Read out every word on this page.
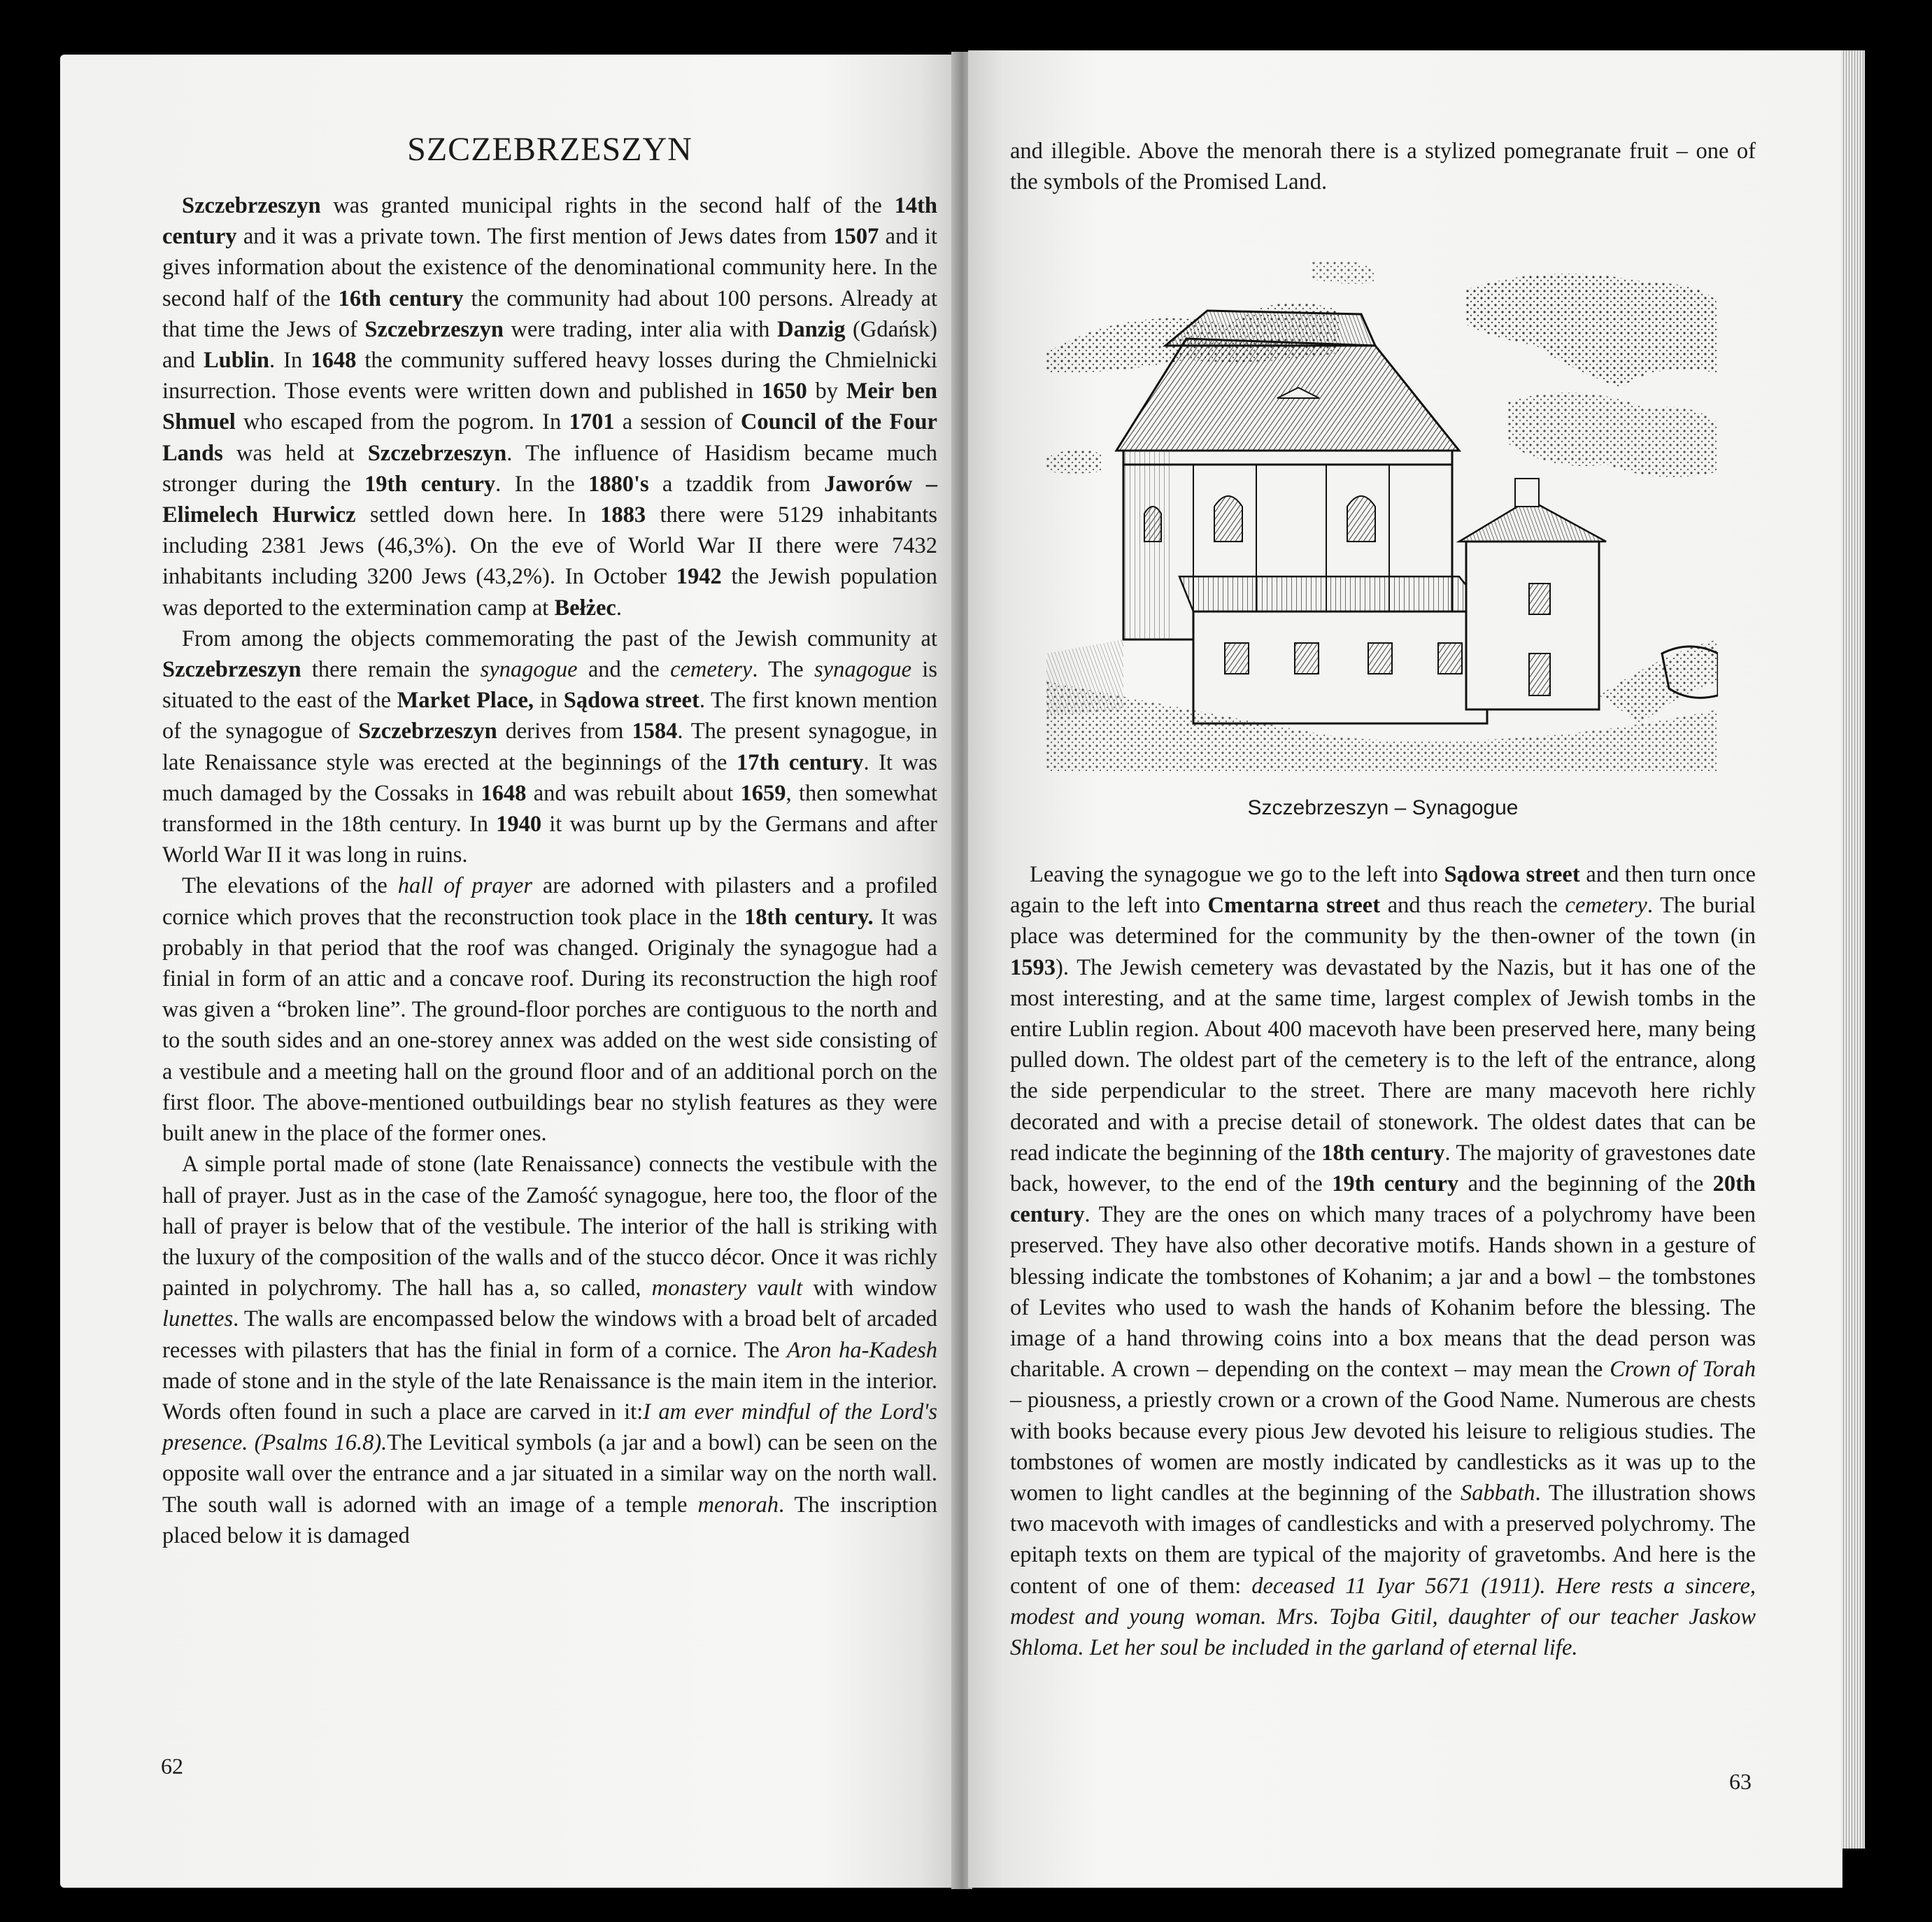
SZCZEBRZESZYN

Szczebrzeszyn was granted municipal rights in the second half of the 14th century and it was a private town. The first mention of Jews dates from 1507 and it gives information about the existence of the denominational community here. In the second half of the 16th century the community had about 100 persons. Already at that time the Jews of Szczebrzeszyn were trading, inter alia with Danzig (Gdańsk) and Lublin. In 1648 the community suffered heavy losses during the Chmielnicki insurrection. Those events were written down and published in 1650 by Meir ben Shmuel who escaped from the pogrom. In 1701 a session of Council of the Four Lands was held at Szczebrzeszyn. The influence of Hasidism became much stronger during the 19th century. In the 1880's a tzaddik from Jaworów – Elimelech Hurwicz settled down here. In 1883 there were 5129 inhabitants including 2381 Jews (46,3%). On the eve of World War II there were 7432 inhabitants including 3200 Jews (43,2%). In October 1942 the Jewish population was deported to the extermination camp at Bełżec.

From among the objects commemorating the past of the Jewish community at Szczebrzeszyn there remain the synagogue and the cemetery. The synagogue is situated to the east of the Market Place, in Sądowa street. The first known mention of the synagogue of Szczebrzeszyn derives from 1584. The present synagogue, in late Renaissance style was erected at the beginnings of the 17th century. It was much damaged by the Cossaks in 1648 and was rebuilt about 1659, then somewhat transformed in the 18th century. In 1940 it was burnt up by the Germans and after World War II it was long in ruins.

The elevations of the hall of prayer are adorned with pilasters and a profiled cornice which proves that the reconstruction took place in the 18th century. It was probably in that period that the roof was changed. Originaly the synagogue had a finial in form of an attic and a concave roof. During its reconstruction the high roof was given a “broken line”. The ground-floor porches are contiguous to the north and to the south sides and an one-storey annex was added on the west side consisting of a vestibule and a meeting hall on the ground floor and of an additional porch on the first floor. The above-mentioned outbuildings bear no stylish features as they were built anew in the place of the former ones.

A simple portal made of stone (late Renaissance) connects the vestibule with the hall of prayer. Just as in the case of the Zamość synagogue, here too, the floor of the hall of prayer is below that of the vestibule. The interior of the hall is striking with the luxury of the composition of the walls and of the stucco décor. Once it was richly painted in polychromy. The hall has a, so called, monastery vault with window lunettes. The walls are encompassed below the windows with a broad belt of arcaded recesses with pilasters that has the finial in form of a cornice. The Aron ha-Kadesh made of stone and in the style of the late Renaissance is the main item in the interior. Words often found in such a place are carved in it:I am ever mindful of the Lord's presence. (Psalms 16.8).The Levitical symbols (a jar and a bowl) can be seen on the opposite wall over the entrance and a jar situated in a similar way on the north wall. The south wall is adorned with an image of a temple menorah. The inscription placed below it is damaged

62

and illegible. Above the menorah there is a stylized pomegranate fruit – one of the symbols of the Promised Land.

Szczebrzeszyn – Synagogue

Leaving the synagogue we go to the left into Sądowa street and then turn once again to the left into Cmentarna street and thus reach the cemetery. The burial place was determined for the community by the then-owner of the town (in 1593). The Jewish cemetery was devastated by the Nazis, but it has one of the most interesting, and at the same time, largest complex of Jewish tombs in the entire Lublin region. About 400 macevoth have been preserved here, many being pulled down. The oldest part of the cemetery is to the left of the entrance, along the side perpendicular to the street. There are many macevoth here richly decorated and with a precise detail of stonework. The oldest dates that can be read indicate the beginning of the 18th century. The majority of gravestones date back, however, to the end of the 19th century and the beginning of the 20th century. They are the ones on which many traces of a polychromy have been preserved. They have also other decorative motifs. Hands shown in a gesture of blessing indicate the tombstones of Kohanim; a jar and a bowl – the tombstones of Levites who used to wash the hands of Kohanim before the blessing. The image of a hand throwing coins into a box means that the dead person was charitable. A crown – depending on the context – may mean the Crown of Torah – piousness, a priestly crown or a crown of the Good Name. Numerous are chests with books because every pious Jew devoted his leisure to religious studies. The tombstones of women are mostly indicated by candlesticks as it was up to the women to light candles at the beginning of the Sabbath. The illustration shows two macevoth with images of candlesticks and with a preserved polychromy. The epitaph texts on them are typical of the majority of gravetombs. And here is the content of one of them: deceased 11 Iyar 5671 (1911). Here rests a sincere, modest and young woman. Mrs. Tojba Gitil, daughter of our teacher Jaskow Shloma. Let her soul be included in the garland of eternal life.

63
